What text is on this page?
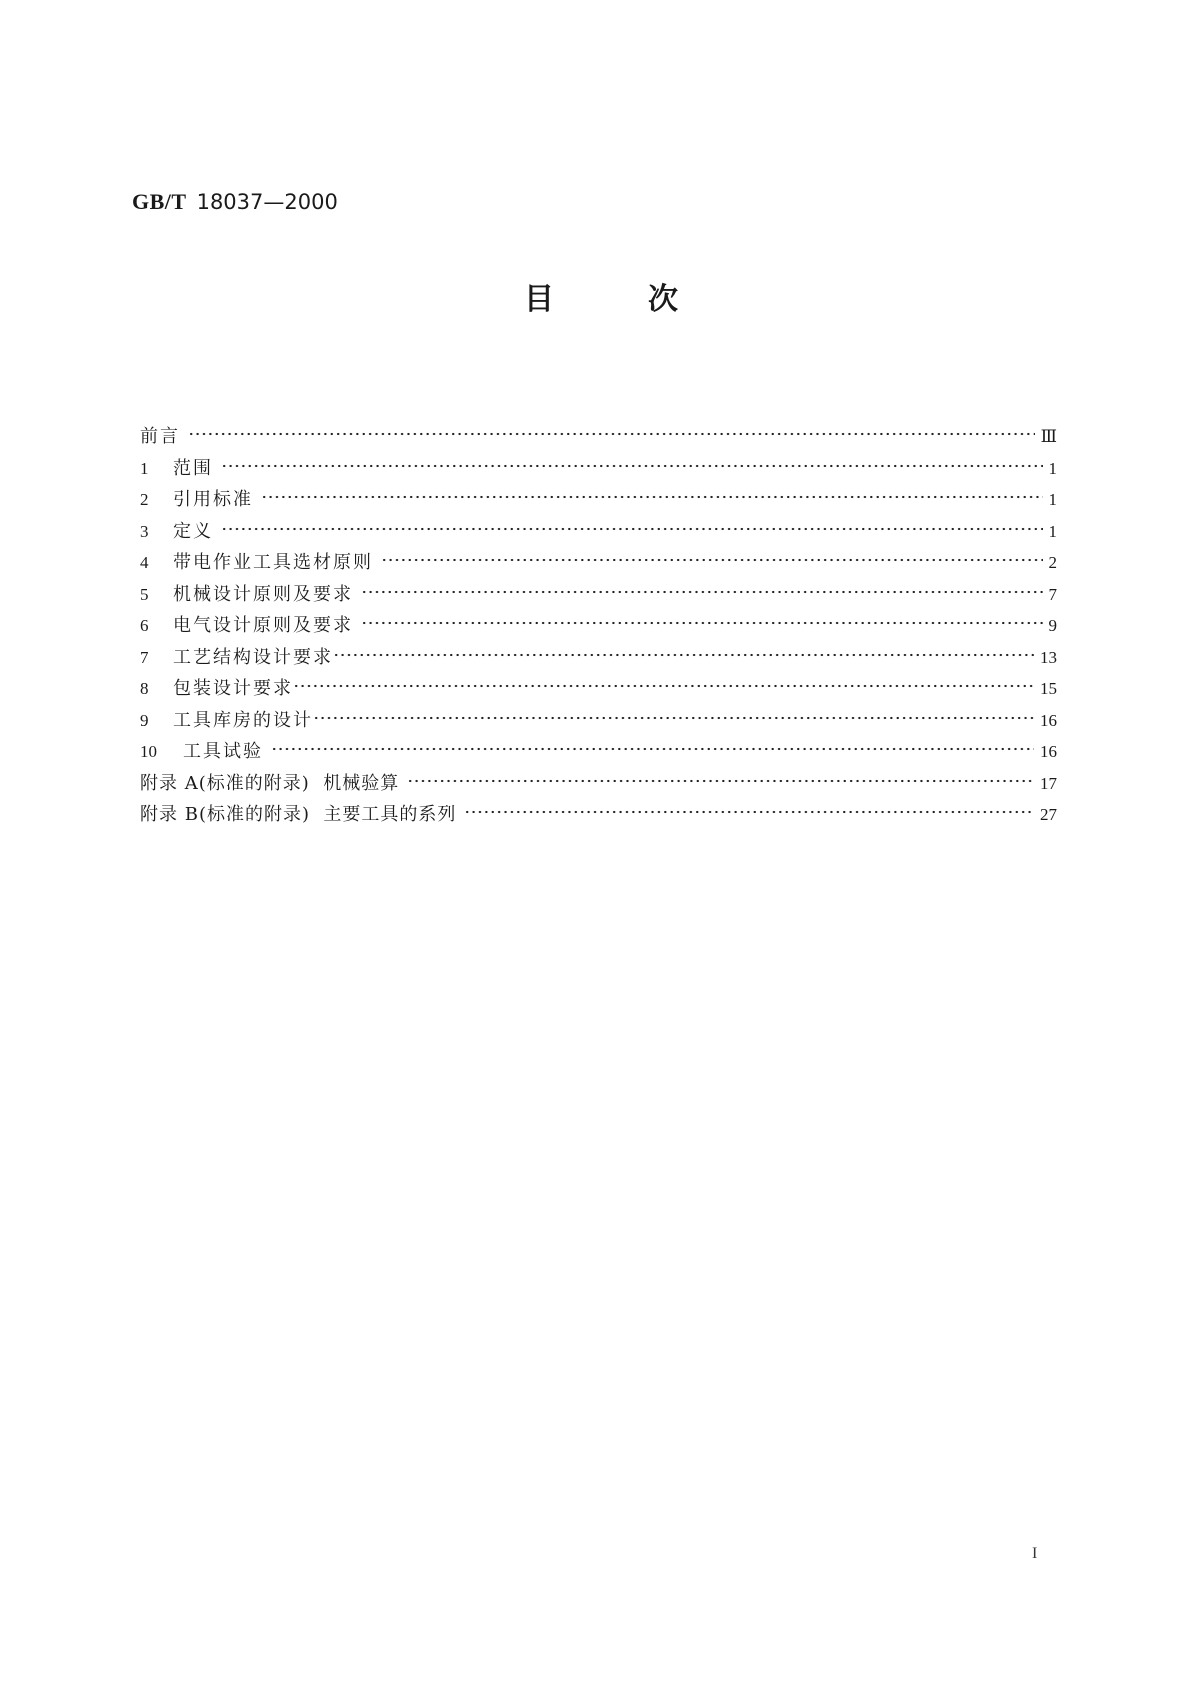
GB/T 18037—2000
目	次
前言	Ⅲ
1	范围	1
2	引用标准	1
3	定义	1
4	带电作业工具选材原则	2
5	机械设计原则及要求	7
6	电气设计原则及要求	9
7	工艺结构设计要求	13
8	包装设计要求	15
9	工具库房的设计	16
10	工具试验	16
附录 A(标准的附录)  机械验算	17
附录 B(标准的附录)  主要工具的系列	27
I
